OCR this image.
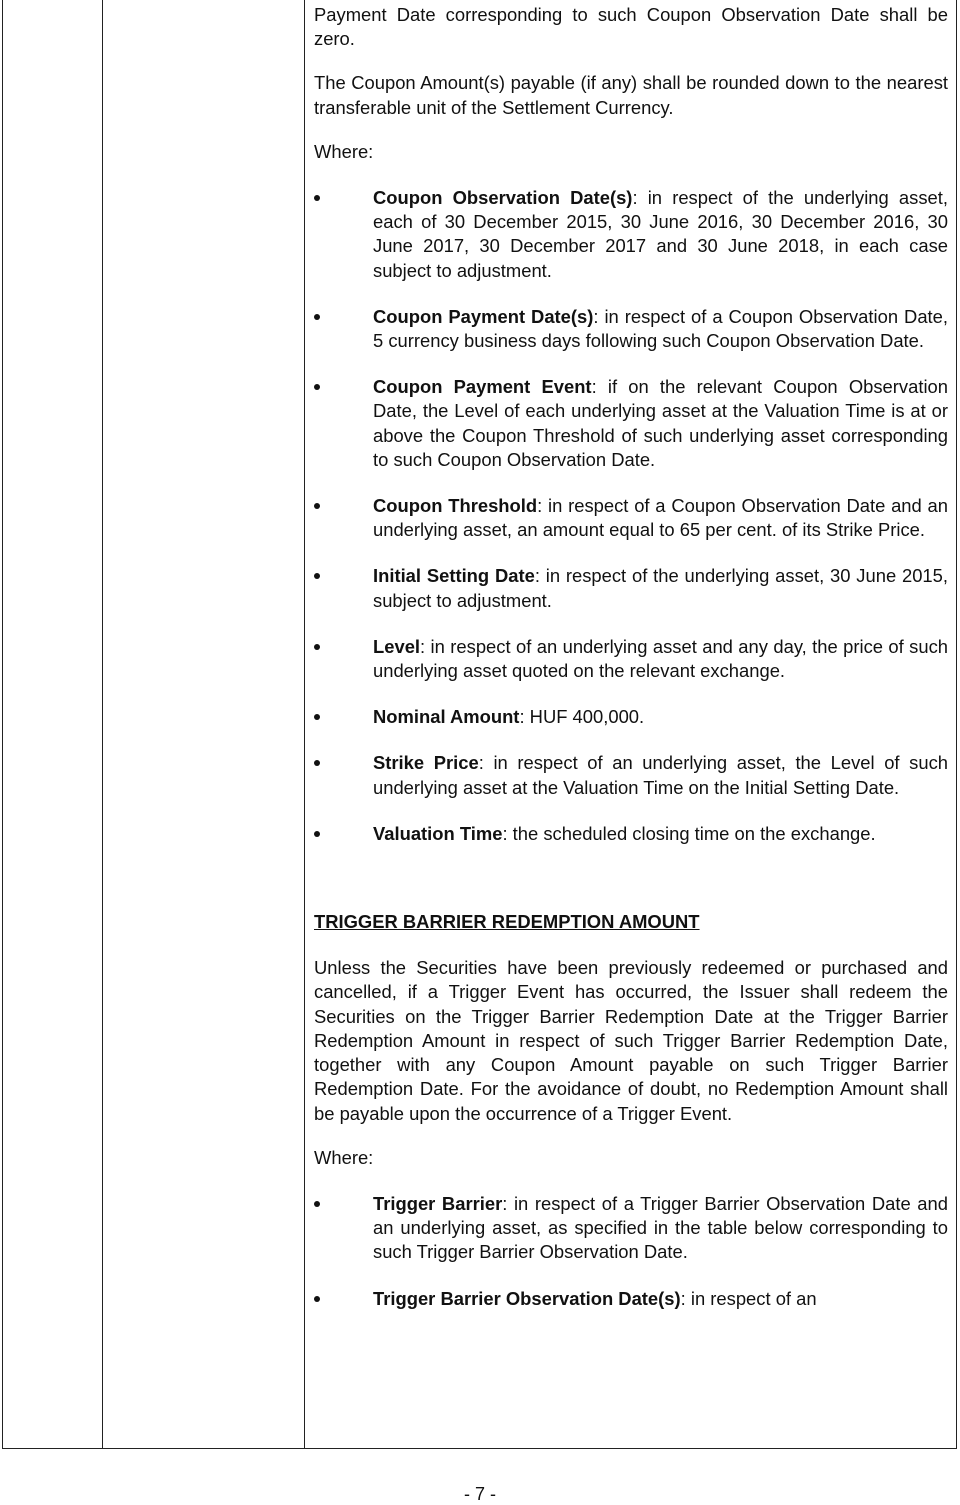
Payment Date corresponding to such Coupon Observation Date shall be zero.

The Coupon Amount(s) payable (if any) shall be rounded down to the nearest transferable unit of the Settlement Currency.

Where:

Coupon Observation Date(s): in respect of the underlying asset, each of 30 December 2015, 30 June 2016, 30 December 2016, 30 June 2017, 30 December 2017 and 30 June 2018, in each case subject to adjustment.
Coupon Payment Date(s): in respect of a Coupon Observation Date, 5 currency business days following such Coupon Observation Date.
Coupon Payment Event: if on the relevant Coupon Observation Date, the Level of each underlying asset at the Valuation Time is at or above the Coupon Threshold of such underlying asset corresponding to such Coupon Observation Date.
Coupon Threshold: in respect of a Coupon Observation Date and an underlying asset, an amount equal to 65 per cent. of its Strike Price.
Initial Setting Date: in respect of the underlying asset, 30 June 2015, subject to adjustment.
Level: in respect of an underlying asset and any day, the price of such underlying asset quoted on the relevant exchange.
Nominal Amount: HUF 400,000.
Strike Price: in respect of an underlying asset, the Level of such underlying asset at the Valuation Time on the Initial Setting Date.
Valuation Time: the scheduled closing time on the exchange.

TRIGGER BARRIER REDEMPTION AMOUNT

Unless the Securities have been previously redeemed or purchased and cancelled, if a Trigger Event has occurred, the Issuer shall redeem the Securities on the Trigger Barrier Redemption Date at the Trigger Barrier Redemption Amount in respect of such Trigger Barrier Redemption Date, together with any Coupon Amount payable on such Trigger Barrier Redemption Date. For the avoidance of doubt, no Redemption Amount shall be payable upon the occurrence of a Trigger Event.

Where:

Trigger Barrier: in respect of a Trigger Barrier Observation Date and an underlying asset, as specified in the table below corresponding to such Trigger Barrier Observation Date.
Trigger Barrier Observation Date(s): in respect of an
- 7 -
